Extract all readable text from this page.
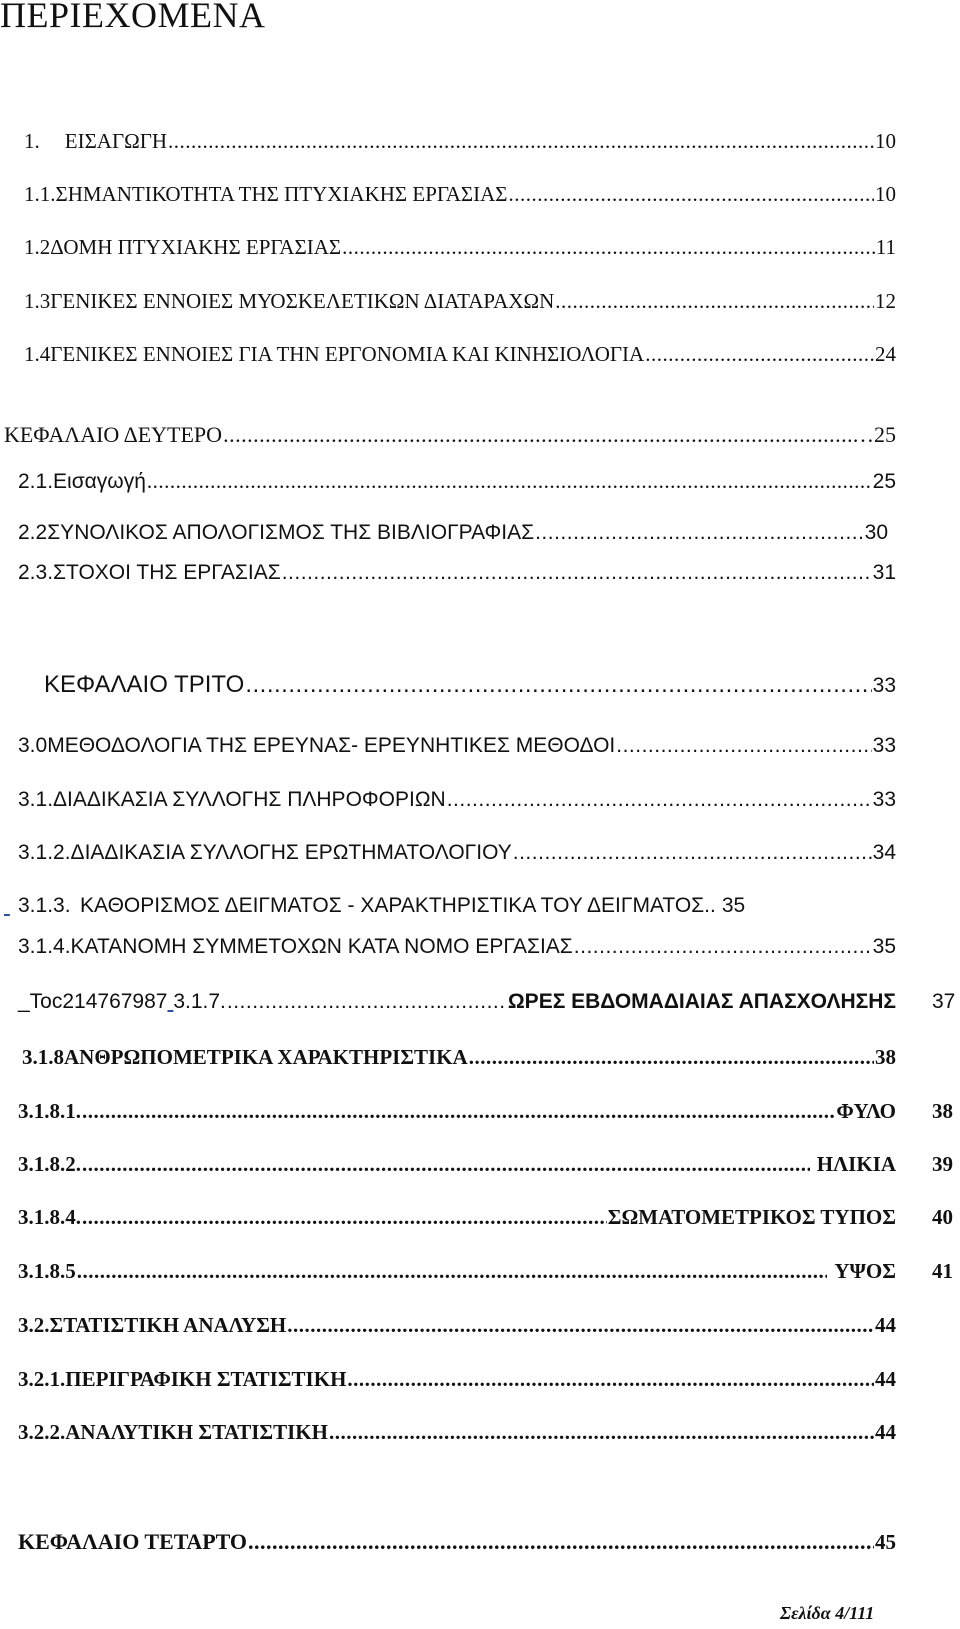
ΠΕΡΙΕΧΟΜΕΝΑ
1.	ΕΙΣΑΓΩΓΗ .....	10
1.1. ΣΗΜΑΝΤΙΚΟΤΗΤΑ ΤΗΣ ΠΤΥΧΙΑΚΗΣ ΕΡΓΑΣΙΑΣ .....	10
1.2 ΔΟΜΗ ΠΤΥΧΙΑΚΗΣ ΕΡΓΑΣΙΑΣ .....	11
1.3 ΓΕΝΙΚΕΣ ΕΝΝΟΙΕΣ ΜΥΟΣΚΕΛΕΤΙΚΩΝ ΔΙΑΤΑΡΑΧΩΝ .....	12
1.4 ΓΕΝΙΚΕΣ ΕΝΝΟΙΕΣ ΓΙΑ ΤΗΝ ΕΡΓΟΝΟΜΙΑ ΚΑΙ ΚΙΝΗΣΙΟΛΟΓΙΑ .....	24
ΚΕΦΑΛΑΙΟ ΔΕΥΤΕΡΟ .....	…25
2.1. Εισαγωγή .....	25
2.2 ΣΥΝΟΛΙΚΟΣ ΑΠΟΛΟΓΙΣΜΟΣ ΤΗΣ ΒΙΒΛΙΟΓΡΑΦΙΑΣ .....	30
2.3. ΣΤΟΧΟΙ ΤΗΣ ΕΡΓΑΣΙΑΣ .....	31
ΚΕΦΑΛΑΙΟ ΤΡΙΤΟ .....	33
3.0 ΜΕΘΟΔΟΛΟΓΙΑ ΤΗΣ ΕΡΕΥΝΑΣ- ΕΡΕΥΝΗΤΙΚΕΣ ΜΕΘΟΔΟΙ .....	33
3.1. ΔΙΑΔΙΚΑΣΙΑ ΣΥΛΛΟΓΗΣ ΠΛΗΡΟΦΟΡΙΩΝ .....	33
3.1.2. ΔΙΑΔΙΚΑΣΙΑ ΣΥΛΛΟΓΗΣ ΕΡΩΤΗΜΑΤΟΛΟΓΙΟΥ .....	34

3.1.3. ΚΑΘΟΡΙΣΜΟΣ ΔΕΙΓΜΑΤΟΣ - ΧΑΡΑΚΤΗΡΙΣΤΙΚΑ ΤΟΥ ΔΕΙΓΜΑΤΟΣ.. 35
3.1.4. ΚΑΤΑΝΟΜΗ ΣΥΜΜΕΤΟΧΩΝ ΚΑΤΑ ΝΟΜΟ ΕΡΓΑΣΙΑΣ .....	35
_Toc214767987
3.1.7. .....	ΩΡΕΣ ΕΒΔΟΜΑΔΙΑΙΑΣ ΑΠΑΣΧΟΛΗΣΗΣ 37
3.1.8 ΑΝΘΡΩΠΟΜΕΤΡΙΚΑ ΧΑΡΑΚΤΗΡΙΣΤΙΚΑ .....	38
3.1.8.1. .....	ΦΥΛΟ 38
3.1.8.2. .....	ΗΛΙΚΙΑ 39
3.1.8.4. .....	ΣΩΜΑΤΟΜΕΤΡΙΚΟΣ ΤΥΠΟΣ 40
3.1.8.5 .....	ΥΨΟΣ 41
3.2. ΣΤΑΤΙΣΤΙΚΗ ΑΝΑΛΥΣΗ .....	44
3.2.1. ΠΕΡΙΓΡΑΦΙΚΗ ΣΤΑΤΙΣΤΙΚΗ .....	44
3.2.2. ΑΝΑΛΥΤΙΚΗ ΣΤΑΤΙΣΤΙΚΗ .....	44
ΚΕΦΑΛΑΙΟ ΤΕΤΑΡΤΟ .....	45
Σελίδα 4/111
